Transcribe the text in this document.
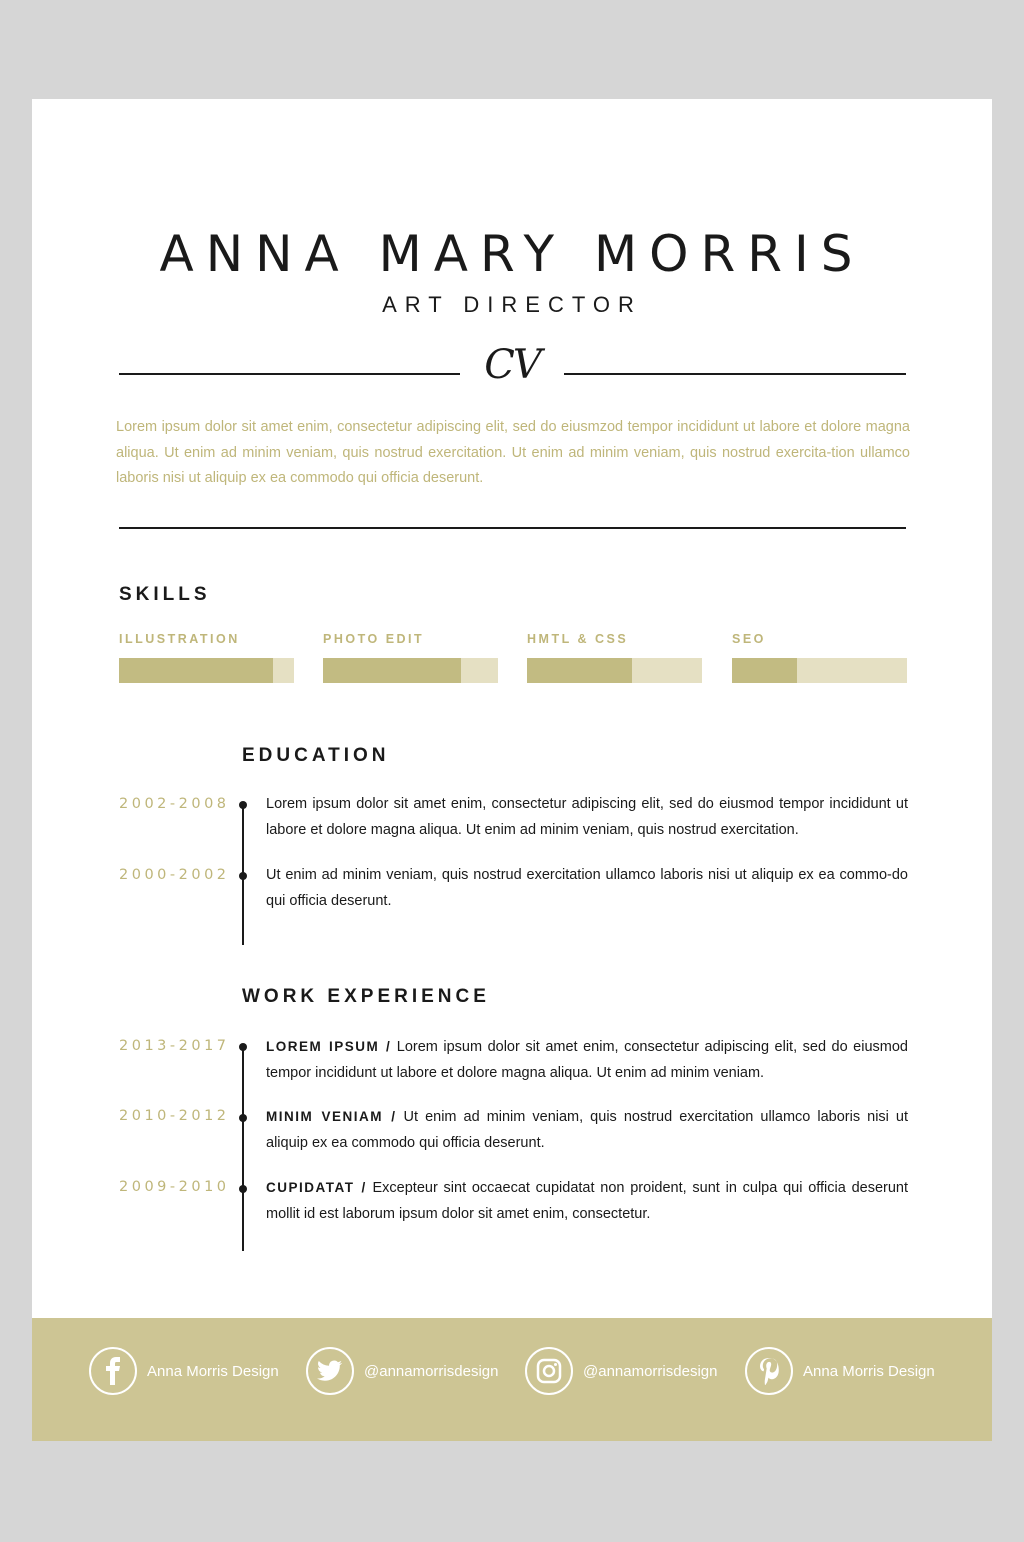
ANNA MARY MORRIS
ART DIRECTOR
CV
Lorem ipsum dolor sit amet enim, consectetur adipiscing elit, sed do eiusmzod tempor incididunt ut labore et dolore magna aliqua. Ut enim ad minim veniam, quis nostrud exercitation. Ut enim ad minim veniam, quis nostrud exercita-tion ullamco laboris nisi ut aliquip ex ea commodo qui officia deserunt.
SKILLS
ILLUSTRATION	PHOTO EDIT	HMTL & CSS	SEO
EDUCATION
2002-2008	Lorem ipsum dolor sit amet enim, consectetur adipiscing elit, sed do eiusmod tempor incididunt ut labore et dolore magna aliqua. Ut enim ad minim veniam, quis nostrud exercitation.
2000-2002	Ut enim ad minim veniam, quis nostrud exercitation ullamco laboris nisi ut aliquip ex ea commo-do qui officia deserunt.
WORK EXPERIENCE
2013-2017	LOREM IPSUM / Lorem ipsum dolor sit amet enim, consectetur adipiscing elit, sed do eiusmod tempor incididunt ut labore et dolore magna aliqua. Ut enim ad minim veniam.
2010-2012	MINIM VENIAM / Ut enim ad minim veniam, quis nostrud exercitation ullamco laboris nisi ut aliquip ex ea commodo qui officia deserunt.
2009-2010	CUPIDATAT / Excepteur sint occaecat cupidatat non proident, sunt in culpa qui officia deserunt mollit id est laborum ipsum dolor sit amet enim, consectetur.
Anna Morris Design	@annamorrisdesign	@annamorrisdesign	Anna Morris Design
